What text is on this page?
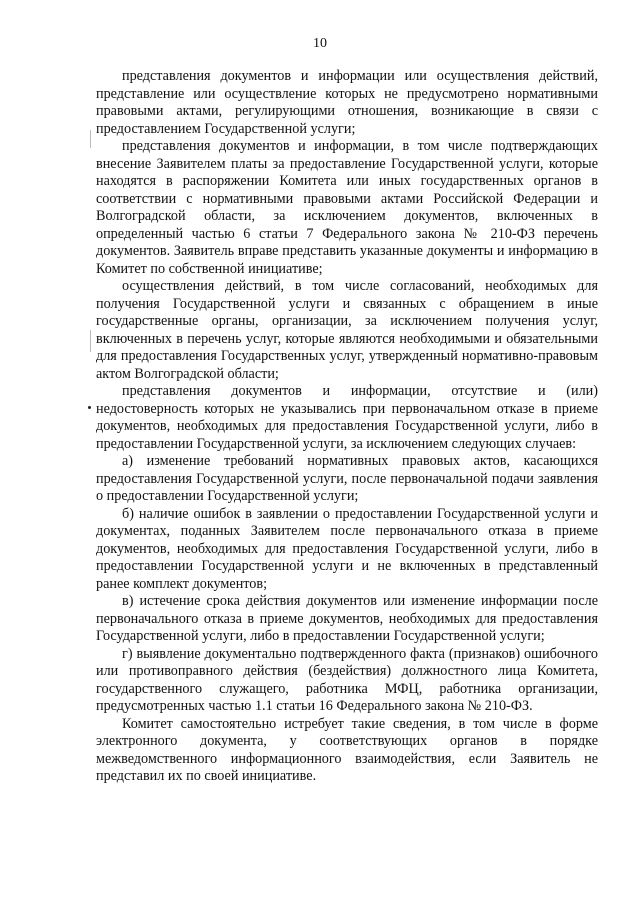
10

представления документов и информации или осуществления действий, представление или осуществление которых не предусмотрено нормативными правовыми актами, регулирующими отношения, возникающие в связи с предоставлением Государственной услуги;

представления документов и информации, в том числе подтверждающих внесение Заявителем платы за предоставление Государственной услуги, которые находятся в распоряжении Комитета или иных государственных органов в соответствии с нормативными правовыми актами Российской Федерации и Волгоградской области, за исключением документов, включенных в определенный частью 6 статьи 7 Федерального закона № 210-ФЗ перечень документов. Заявитель вправе представить указанные документы и информацию в Комитет по собственной инициативе;

осуществления действий, в том числе согласований, необходимых для получения Государственной услуги и связанных с обращением в иные государственные органы, организации, за исключением получения услуг, включенных в перечень услуг, которые являются необходимыми и обязательными для предоставления Государственных услуг, утвержденный нормативно-правовым актом Волгоградской области;

представления документов и информации, отсутствие и (или) недостоверность которых не указывались при первоначальном отказе в приеме документов, необходимых для предоставления Государственной услуги, либо в предоставлении Государственной услуги, за исключением следующих случаев:

а) изменение требований нормативных правовых актов, касающихся предоставления Государственной услуги, после первоначальной подачи заявления о предоставлении Государственной услуги;

б) наличие ошибок в заявлении о предоставлении Государственной услуги и документах, поданных Заявителем после первоначального отказа в приеме документов, необходимых для предоставления Государственной услуги, либо в предоставлении Государственной услуги и не включенных в представленный ранее комплект документов;

в) истечение срока действия документов или изменение информации после первоначального отказа в приеме документов, необходимых для предоставления Государственной услуги, либо в предоставлении Государственной услуги;

г) выявление документально подтвержденного факта (признаков) ошибочного или противоправного действия (бездействия) должностного лица Комитета, государственного служащего, работника МФЦ, работника организации, предусмотренных частью 1.1 статьи 16 Федерального закона № 210-ФЗ.

Комитет самостоятельно истребует такие сведения, в том числе в форме электронного документа, у соответствующих органов в порядке межведомственного информационного взаимодействия, если Заявитель не представил их по своей инициативе.
